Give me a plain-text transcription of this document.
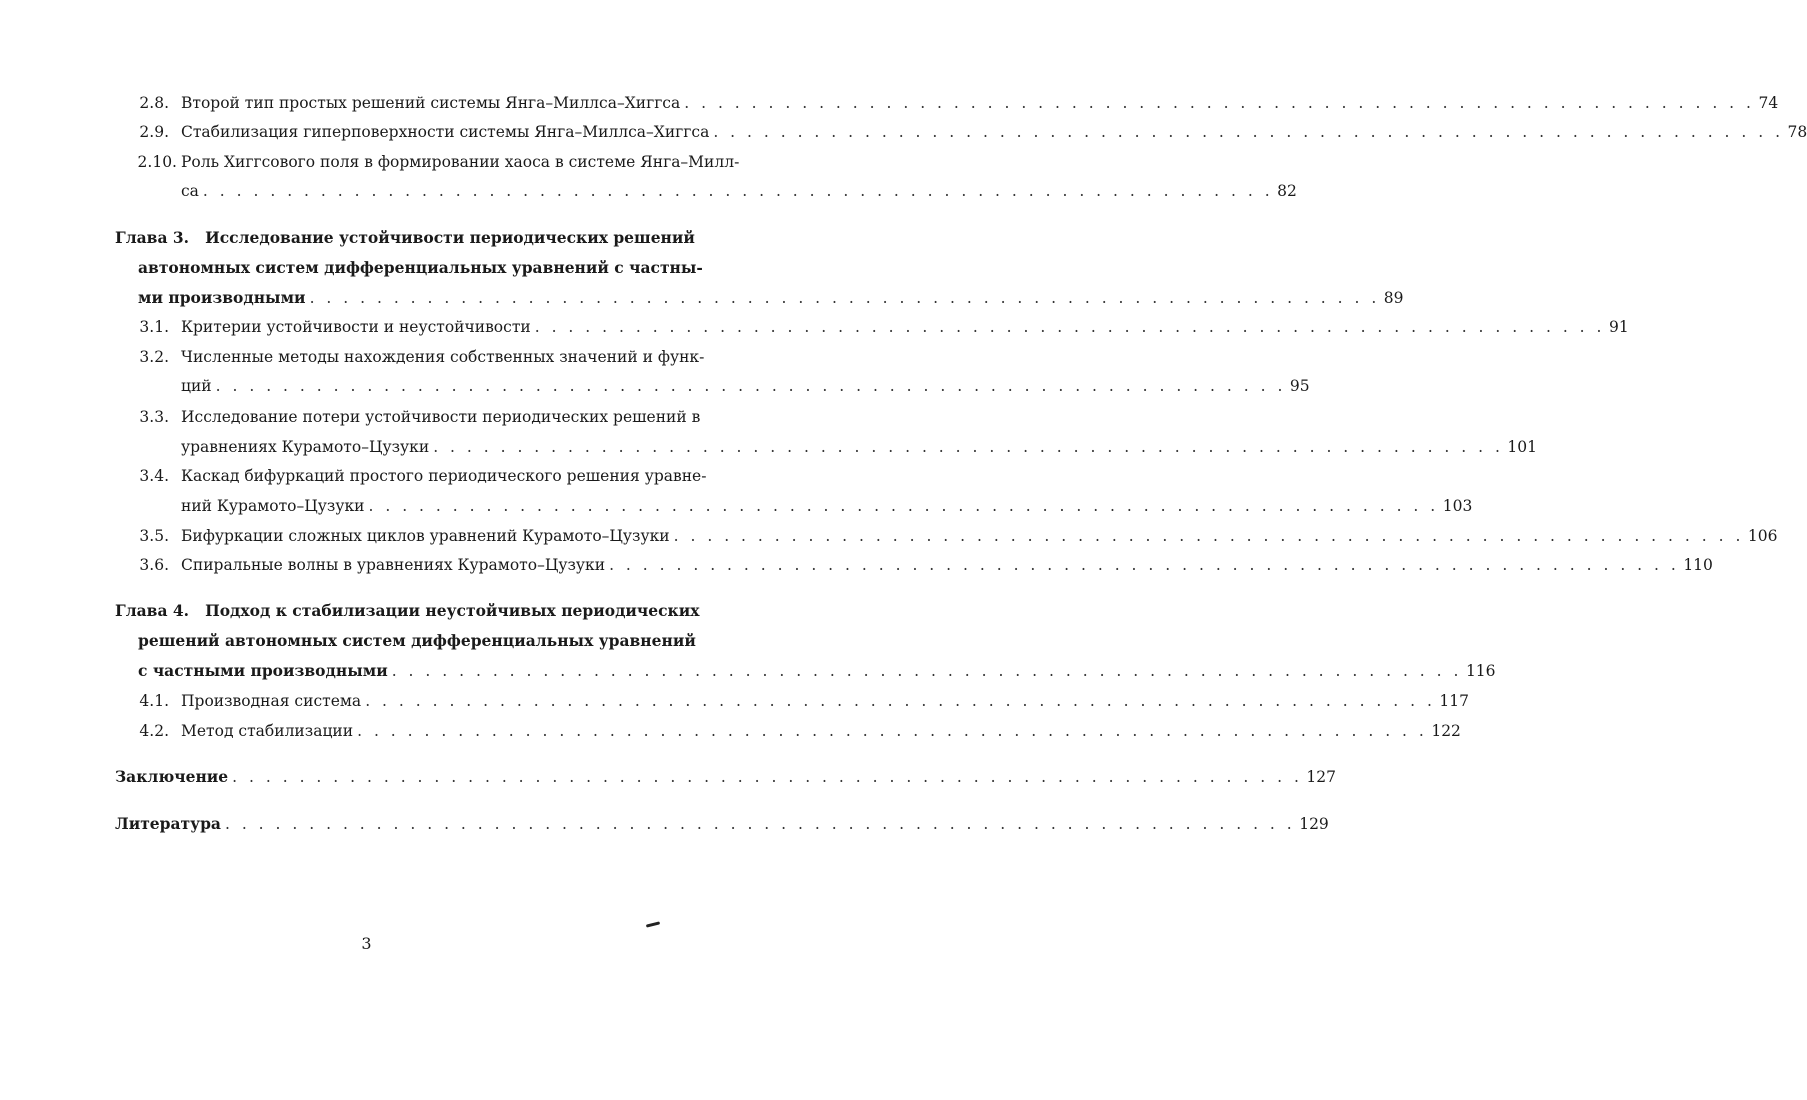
2.8. Второй тип простых решений системы Янга–Миллса–Хиггса . . . . . . . . . . . . . . . . . . . . . . . . . . . . . . . . . . . . . . . . . . . . . . . . . . . . . . . . . . . . . . . . 74
2.9. Стабилизация гиперповерхности системы Янга–Миллса–Хиггса . . . . . . . . . . . . . . . . . . . . . . . . . . . . . . . . . . . . . . . . . . . . . . . . . . . . . . . . . . . . . . . . 78
2.10. Роль Хиггсового поля в формировании хаоса в системе Янга–Милл-
са . . . . . . . . . . . . . . . . . . . . . . . . . . . . . . . . . . . . . . . . . . . . . . . . . . . . . . . . . . . . . . . . 82
Глава 3. Исследование устойчивости периодических решений
автономных систем дифференциальных уравнений с частны-
ми производными . . . . . . . . . . . . . . . . . . . . . . . . . . . . . . . . . . . . . . . . . . . . . . . . . . . . . . . . . . . . . . . . 89
3.1. Критерии устойчивости и неустойчивости . . . . . . . . . . . . . . . . . . . . . . . . . . . . . . . . . . . . . . . . . . . . . . . . . . . . . . . . . . . . . . . . 91
3.2. Численные методы нахождения собственных значений и функ-
ций . . . . . . . . . . . . . . . . . . . . . . . . . . . . . . . . . . . . . . . . . . . . . . . . . . . . . . . . . . . . . . . . 95
3.3. Исследование потери устойчивости периодических решений в
уравнениях Курамото–Цузуки . . . . . . . . . . . . . . . . . . . . . . . . . . . . . . . . . . . . . . . . . . . . . . . . . . . . . . . . . . . . . . . . 101
3.4. Каскад бифуркаций простого периодического решения уравне-
ний Курамото–Цузуки . . . . . . . . . . . . . . . . . . . . . . . . . . . . . . . . . . . . . . . . . . . . . . . . . . . . . . . . . . . . . . . . 103
3.5. Бифуркации сложных циклов уравнений Курамото–Цузуки . . . . . . . . . . . . . . . . . . . . . . . . . . . . . . . . . . . . . . . . . . . . . . . . . . . . . . . . . . . . . . . . 106
3.6. Спиральные волны в уравнениях Курамото–Цузуки . . . . . . . . . . . . . . . . . . . . . . . . . . . . . . . . . . . . . . . . . . . . . . . . . . . . . . . . . . . . . . . . 110
Глава 4. Подход к стабилизации неустойчивых периодических
решений автономных систем дифференциальных уравнений
с частными производными . . . . . . . . . . . . . . . . . . . . . . . . . . . . . . . . . . . . . . . . . . . . . . . . . . . . . . . . . . . . . . . . 116
4.1. Производная система . . . . . . . . . . . . . . . . . . . . . . . . . . . . . . . . . . . . . . . . . . . . . . . . . . . . . . . . . . . . . . . . 117
4.2. Метод стабилизации . . . . . . . . . . . . . . . . . . . . . . . . . . . . . . . . . . . . . . . . . . . . . . . . . . . . . . . . . . . . . . . . 122
Заключение . . . . . . . . . . . . . . . . . . . . . . . . . . . . . . . . . . . . . . . . . . . . . . . . . . . . . . . . . . . . . . . . 127
Литература . . . . . . . . . . . . . . . . . . . . . . . . . . . . . . . . . . . . . . . . . . . . . . . . . . . . . . . . . . . . . . . . 129
3
